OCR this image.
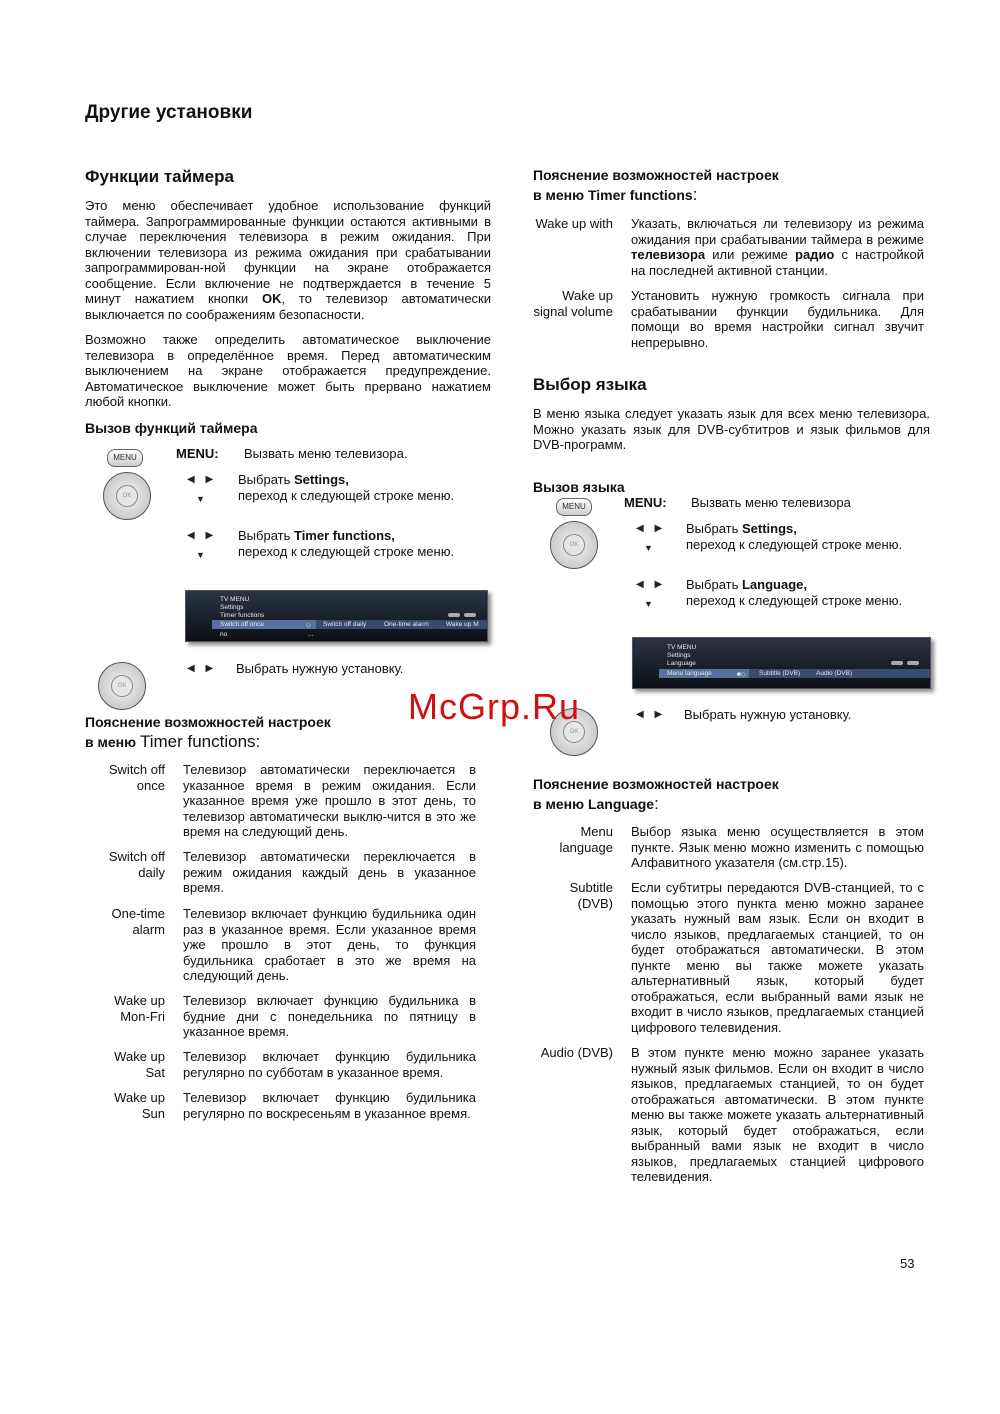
Другие установки
Функции таймера

Это меню обеспечивает удобное использование функций таймера. Запрограммированные функции остаются активными в случае переключения телевизора в режим ожидания. При включении телевизора из режима ожидания при срабатывании запрограммирован-ной функции на экране отображается сообщение. Если включение не подтверждается в течение 5 минут нажатием кнопки OK, то телевизор автоматически выключается по соображениям безопасности.

Возможно также определить автоматическое выключение телевизора в определённое время. Перед автоматическим выключением на экране отображается предупреждение. Автоматическое выключение может быть прервано нажатием любой кнопки.

Вызов функций таймера
MENU
OK
MENU: Вызвать меню телевизора.
◀ ▶
▼
Выбрать Settings,
переход к следующей строке меню.
◀ ▶
▼
Выбрать Timer functions,
переход к следующей строке меню.
TV MENU
Settings
Timer functions
Switch off once	◇ Switch off daily	One-time alarm	Wake up M
no	...
OK
◀ ▶ Выбрать нужную установку.
Пояснение возможностей настроек
в меню Timer functions:
Switch off once
Телевизор автоматически переключается в указанное время в режим ожидания. Если указанное время уже прошло в этот день, то телевизор автоматически выклю-чится в это же время на следующий день.
Switch off daily
Телевизор автоматически переключается в режим ожидания каждый день в указанное время.
One-time alarm
Телевизор включает функцию будильника один раз в указанное время. Если указанное время уже прошло в этот день, то функция будильника сработает в это же время на следующий день.
Wake up Mon-Fri
Телевизор включает функцию будильника в будние дни с понедельника по пятницу в указанное время.
Wake up Sat
Телевизор включает функцию будильника регулярно по субботам в указанное время.
Wake up Sun
Телевизор включает функцию будильника регулярно по воскресеньям в указанное время.
Пояснение возможностей настроек
в меню Timer functions:
Wake up with Указать, включаться ли телевизору из режима ожидания при срабатывании таймера в режиме телевизора или режиме радио с настройкой на последней активной станции.
Wake up signal volume
Установить нужную громкость сигнала при срабатывании функции будильника. Для помощи во время настройки сигнал звучит непрерывно.
Выбор языка

В меню языка следует указать язык для всех меню телевизора. Можно указать язык для DVB-субтитров и язык фильмов для DVB-программ.

Вызов языка
MENU
OK
MENU: Вызвать меню телевизора
◀ ▶
▼
Выбрать Settings,
переход к следующей строке меню.
◀ ▶
▼
Выбрать Language,
переход к следующей строке меню.
TV MENU
Settings
Language
Menu language	■◇ Subtitle (DVB) Audio (DVB)
OK
◀ ▶ Выбрать нужную установку.
McGrp.Ru
Пояснение возможностей настроек
в меню Language:
Menu language
Выбор языка меню осуществляется в этом пункте. Язык меню можно изменить с помощью Алфавитного указателя (см.стр.15).
Subtitle (DVB)
Если субтитры передаются DVB-станцией, то с помощью этого пункта меню можно заранее указать нужный вам язык. Если он входит в число языков, предлагаемых станцией, то он будет отображаться автоматически. В этом пункте меню вы также можете указать альтернативный язык, который будет отображаться, если выбранный вами язык не входит в число языков, предлагаемых станцией цифрового телевидения.
Audio (DVB) В этом пункте меню можно заранее указать нужный язык фильмов. Если он входит в число языков, предлагаемых станцией, то он будет отображаться автоматически. В этом пункте меню вы также можете указать альтернативный язык, который будет отображаться, если выбранный вами язык не входит в число языков, предлагаемых станцией цифрового телевидения.
53
